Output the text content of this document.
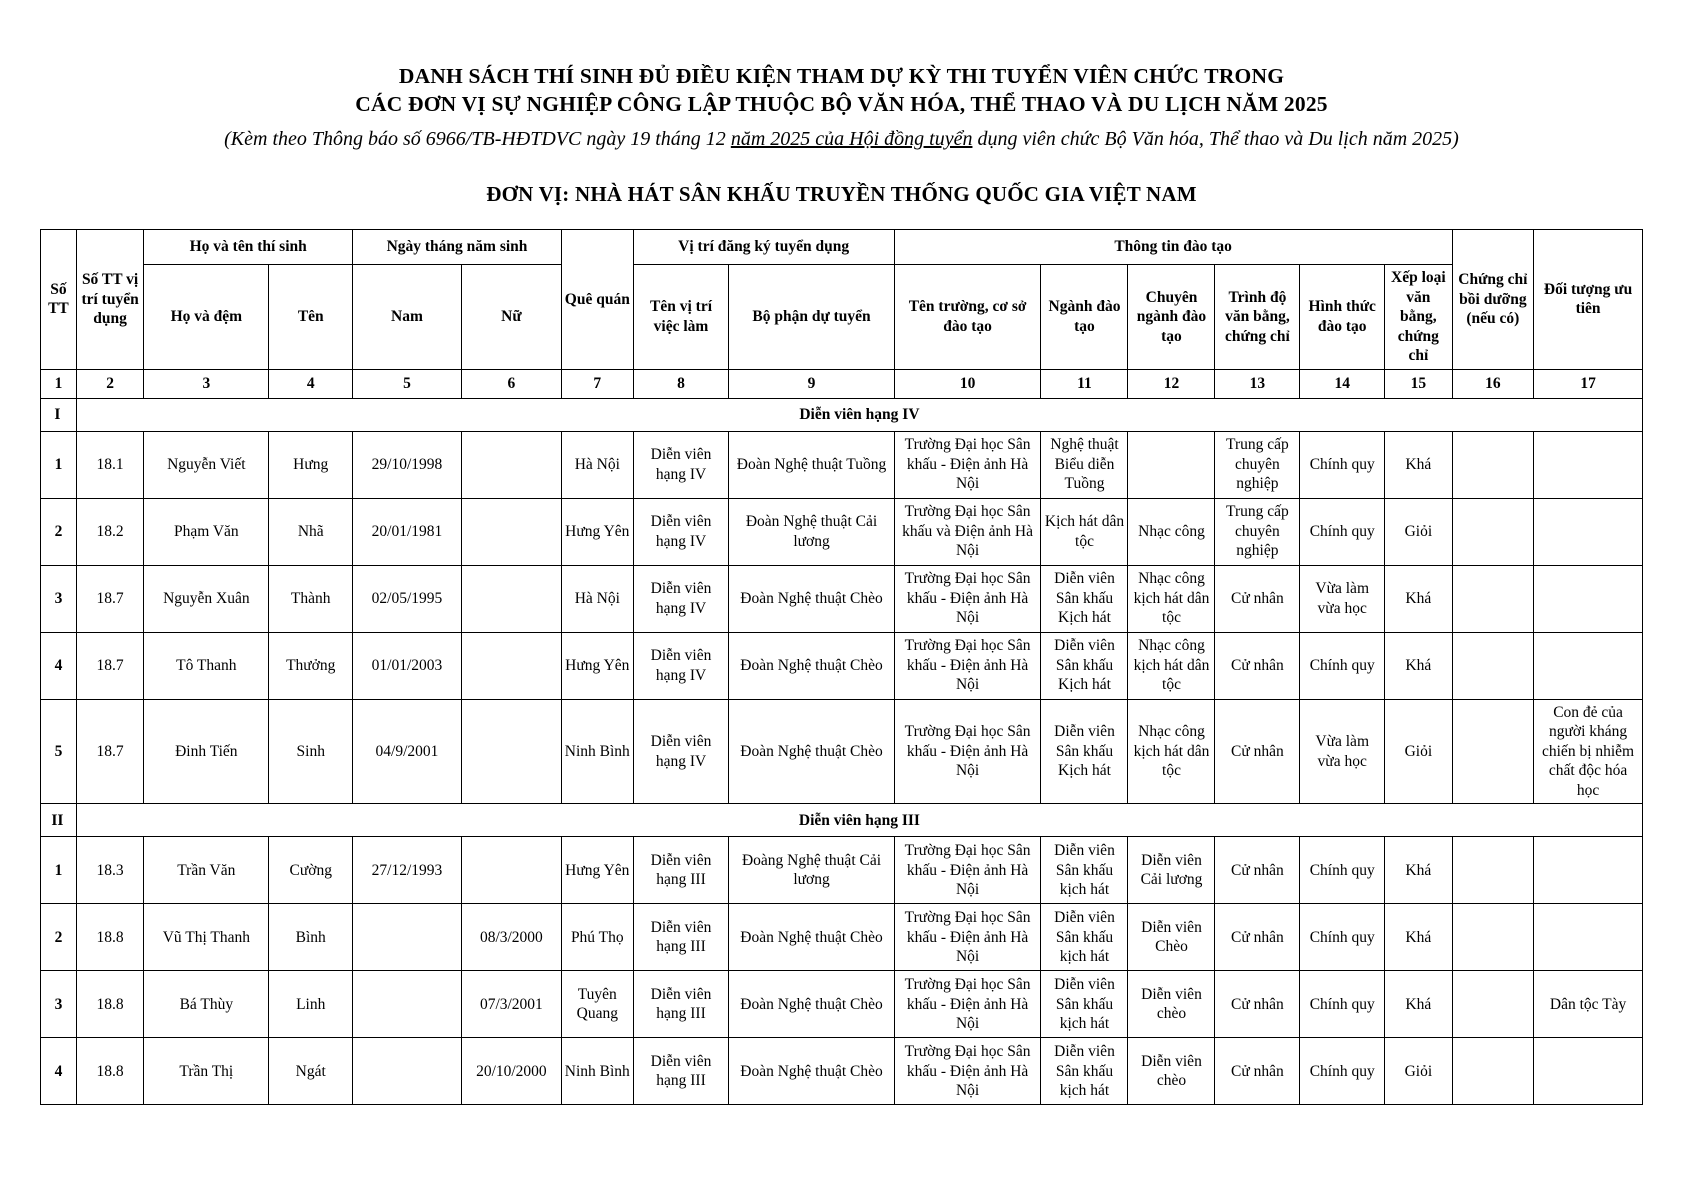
DANH SÁCH THÍ SINH ĐỦ ĐIỀU KIỆN THAM DỰ KỲ THI TUYỂN VIÊN CHỨC TRONG
CÁC ĐƠN VỊ SỰ NGHIỆP CÔNG LẬP THUỘC BỘ VĂN HÓA, THỂ THAO VÀ DU LỊCH NĂM 2025
(Kèm theo Thông báo số 6966/TB-HĐTDVC ngày 19 tháng 12 năm 2025 của Hội đồng tuyển dụng viên chức Bộ Văn hóa, Thể thao và Du lịch năm 2025)
ĐƠN VỊ: NHÀ HÁT SÂN KHẤU TRUYỀN THỐNG QUỐC GIA VIỆT NAM
Số TT	Số TT vị trí tuyển dụng	Họ và tên thí sinh		Ngày tháng năm sinh		Quê quán	Vị trí đăng ký tuyển dụng		Thông tin đào tạo						Chứng chỉ bồi dưỡng (nếu có)	Đối tượng ưu tiên
		Họ và đệm	Tên	Nam	Nữ		Tên vị trí việc làm	Bộ phận dự tuyển	Tên trường, cơ sở đào tạo	Ngành đào tạo	Chuyên ngành đào tạo	Trình độ văn bằng, chứng chỉ	Hình thức đào tạo	Xếp loại văn bằng, chứng chỉ		
1	2	3	4	5	6	7	8	9	10	11	12	13	14	15	16	17
I	Diễn viên hạng IV															
1	18.1	Nguyễn Viết	Hưng	29/10/1998		Hà Nội	Diễn viên hạng IV	Đoàn Nghệ thuật Tuồng	Trường Đại học Sân khấu - Điện ảnh Hà Nội	Nghệ thuật Biểu diễn Tuồng		Trung cấp chuyên nghiệp	Chính quy	Khá		
2	18.2	Phạm Văn	Nhã	20/01/1981		Hưng Yên	Diễn viên hạng IV	Đoàn Nghệ thuật Cải lương	Trường Đại học Sân khấu và Điện ảnh Hà Nội	Kịch hát dân tộc	Nhạc công	Trung cấp chuyên nghiệp	Chính quy	Giỏi		
3	18.7	Nguyễn Xuân	Thành	02/05/1995		Hà Nội	Diễn viên hạng IV	Đoàn Nghệ thuật Chèo	Trường Đại học Sân khấu - Điện ảnh Hà Nội	Diễn viên Sân khấu Kịch hát	Nhạc công kịch hát dân tộc	Cử nhân	Vừa làm vừa học	Khá		
4	18.7	Tô Thanh	Thưởng	01/01/2003		Hưng Yên	Diễn viên hạng IV	Đoàn Nghệ thuật Chèo	Trường Đại học Sân khấu - Điện ảnh Hà Nội	Diễn viên Sân khấu Kịch hát	Nhạc công kịch hát dân tộc	Cử nhân	Chính quy	Khá		
5	18.7	Đinh Tiến	Sinh	04/9/2001		Ninh Bình	Diễn viên hạng IV	Đoàn Nghệ thuật Chèo	Trường Đại học Sân khấu - Điện ảnh Hà Nội	Diễn viên Sân khấu Kịch hát	Nhạc công kịch hát dân tộc	Cử nhân	Vừa làm vừa học	Giỏi		Con đẻ của người kháng chiến bị nhiễm chất độc hóa học
II	Diễn viên hạng III															
1	18.3	Trần Văn	Cường	27/12/1993		Hưng Yên	Diễn viên hạng III	Đoàng Nghệ thuật Cải lương	Trường Đại học Sân khấu - Điện ảnh Hà Nội	Diễn viên Sân khấu kịch hát	Diễn viên Cải lương	Cử nhân	Chính quy	Khá		
2	18.8	Vũ Thị Thanh	Bình		08/3/2000	Phú Thọ	Diễn viên hạng III	Đoàn Nghệ thuật Chèo	Trường Đại học Sân khấu - Điện ảnh Hà Nội	Diễn viên Sân khấu kịch hát	Diễn viên Chèo	Cử nhân	Chính quy	Khá		
3	18.8	Bá Thùy	Linh		07/3/2001	Tuyên Quang	Diễn viên hạng III	Đoàn Nghệ thuật Chèo	Trường Đại học Sân khấu - Điện ảnh Hà Nội	Diễn viên Sân khấu kịch hát	Diễn viên chèo	Cử nhân	Chính quy	Khá		Dân tộc Tày
4	18.8	Trần Thị	Ngát		20/10/2000	Ninh Bình	Diễn viên hạng III	Đoàn Nghệ thuật Chèo	Trường Đại học Sân khấu - Điện ảnh Hà Nội	Diễn viên Sân khấu kịch hát	Diễn viên chèo	Cử nhân	Chính quy	Giỏi		
